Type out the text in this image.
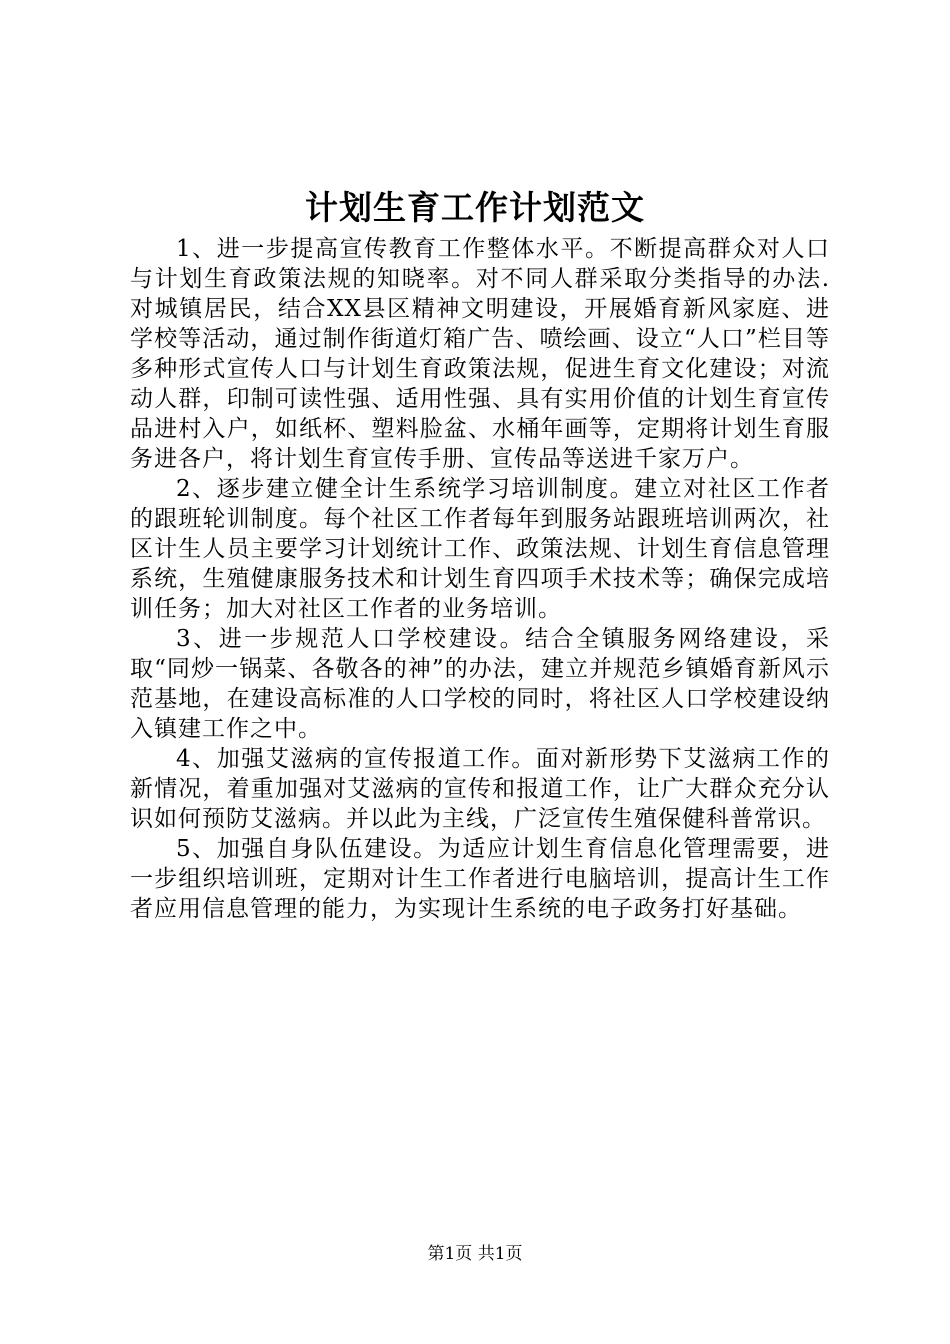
计划生育工作计划范文

1、进一步提高宣传教育工作整体水平。不断提高群众对人口与计划生育政策法规的知晓率。对不同人群采取分类指导的办法.对城镇居民，结合XX县区精神文明建设，开展婚育新风家庭、进学校等活动，通过制作街道灯箱广告、喷绘画、设立“人口”栏目等多种形式宣传人口与计划生育政策法规，促进生育文化建设；对流动人群，印制可读性强、适用性强、具有实用价值的计划生育宣传品进村入户，如纸杯、塑料脸盆、水桶年画等，定期将计划生育服务进各户，将计划生育宣传手册、宣传品等送进千家万户。

2、逐步建立健全计生系统学习培训制度。建立对社区工作者的跟班轮训制度。每个社区工作者每年到服务站跟班培训两次，社区计生人员主要学习计划统计工作、政策法规、计划生育信息管理系统，生殖健康服务技术和计划生育四项手术技术等；确保完成培训任务；加大对社区工作者的业务培训。

3、进一步规范人口学校建设。结合全镇服务网络建设，采取“同炒一锅菜、各敬各的神”的办法，建立并规范乡镇婚育新风示范基地，在建设高标准的人口学校的同时，将社区人口学校建设纳入镇建工作之中。

4、加强艾滋病的宣传报道工作。面对新形势下艾滋病工作的新情况，着重加强对艾滋病的宣传和报道工作，让广大群众充分认识如何预防艾滋病。并以此为主线，广泛宣传生殖保健科普常识。

5、加强自身队伍建设。为适应计划生育信息化管理需要，进一步组织培训班，定期对计生工作者进行电脑培训，提高计生工作者应用信息管理的能力，为实现计生系统的电子政务打好基础。

第1页 共1页
